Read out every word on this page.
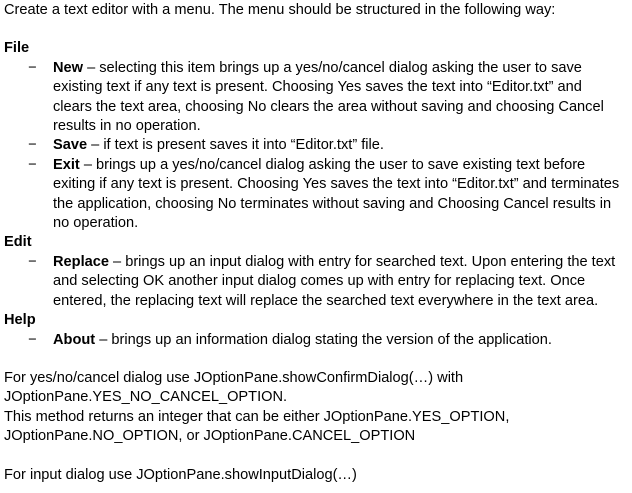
Create a text editor with a menu. The menu should be structured in the following way:
File
− New – selecting this item brings up a yes/no/cancel dialog asking the user to save
existing text if any text is present. Choosing Yes saves the text into “Editor.txt” and
clears the text area, choosing No clears the area without saving and choosing Cancel
results in no operation.
− Save – if text is present saves it into “Editor.txt” file.
− Exit – brings up a yes/no/cancel dialog asking the user to save existing text before
exiting if any text is present. Choosing Yes saves the text into “Editor.txt” and terminates
the application, choosing No terminates without saving and Choosing Cancel results in
no operation.
Edit
− Replace – brings up an input dialog with entry for searched text. Upon entering the text
and selecting OK another input dialog comes up with entry for replacing text. Once
entered, the replacing text will replace the searched text everywhere in the text area.
Help
− About – brings up an information dialog stating the version of the application.
For yes/no/cancel dialog use JOptionPane.showConfirmDialog(…) with
JOptionPane.YES_NO_CANCEL_OPTION.
This method returns an integer that can be either JOptionPane.YES_OPTION,
JOptionPane.NO_OPTION, or JOptionPane.CANCEL_OPTION
For input dialog use JOptionPane.showInputDialog(…)
